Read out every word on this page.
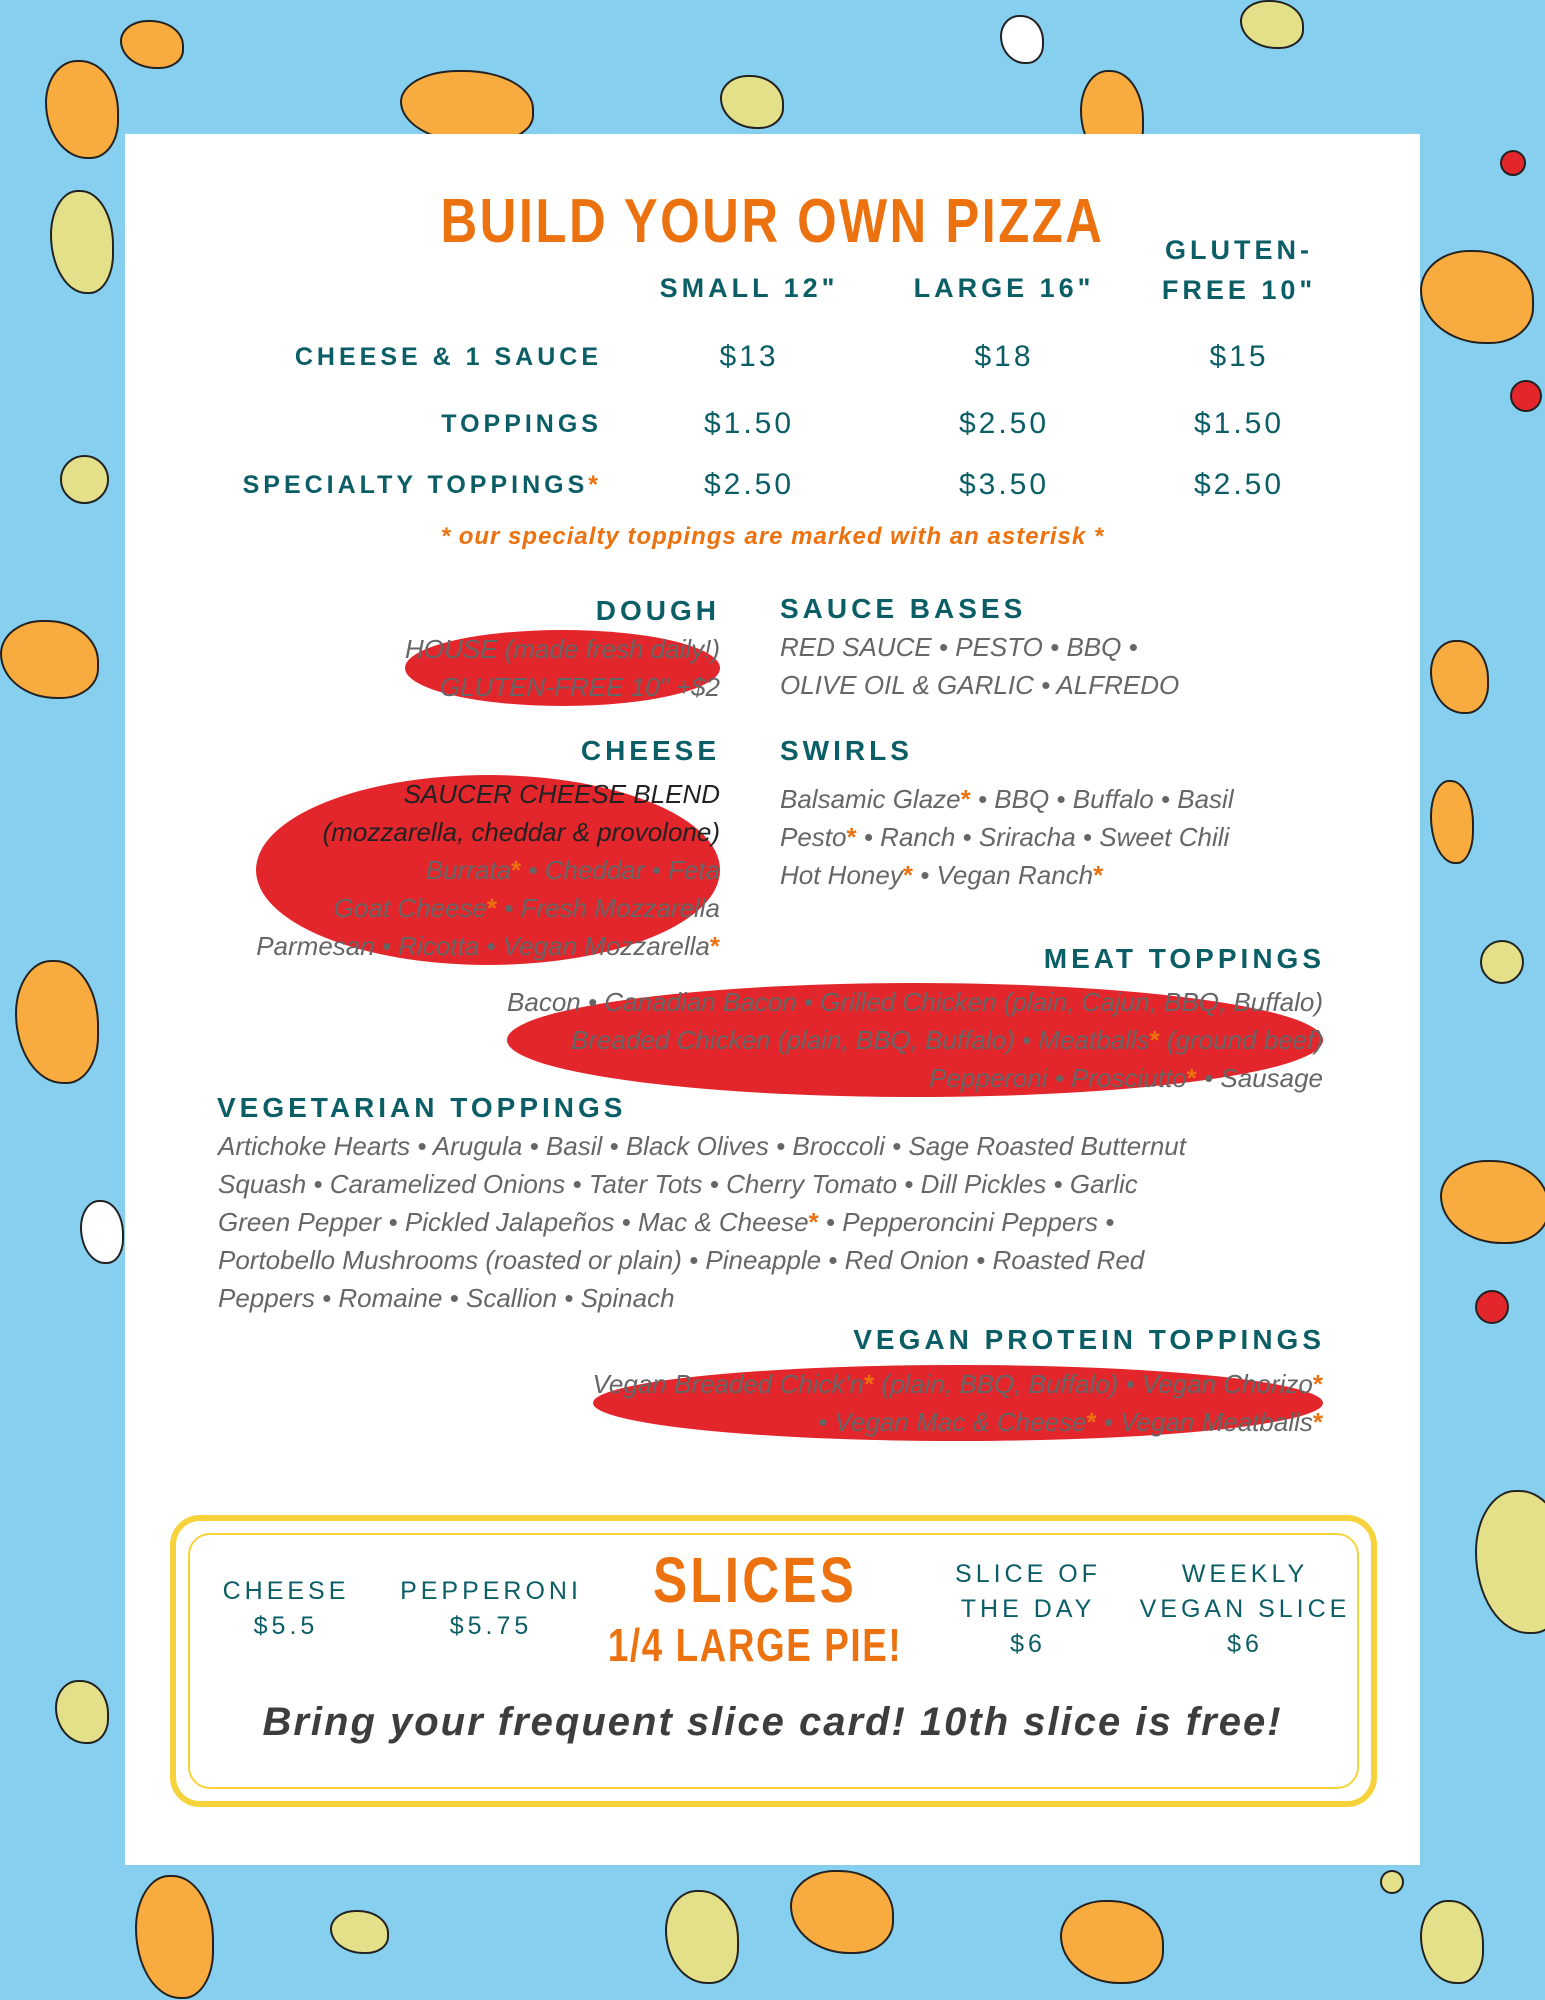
BUILD YOUR OWN PIZZA
SMALL 12"	LARGE 16"
GLUTEN-
FREE 10"
CHEESE & 1 SAUCE	$13	$18	$15
TOPPINGS	$1.50	$2.50	$1.50
SPECIALTY TOPPINGS*	$2.50	$3.50	$2.50
* our specialty toppings are marked with an asterisk *
DOUGH
HOUSE (made fresh daily!)
GLUTEN-FREE 10" +$2
SAUCE BASES
RED SAUCE • PESTO • BBQ •
OLIVE OIL & GARLIC • ALFREDO
CHEESE
SAUCER CHEESE BLEND
(mozzarella, cheddar & provolone)
Burrata* • Cheddar • Feta
Goat Cheese* • Fresh Mozzarella
Parmesan • Ricotta • Vegan Mozzarella*
SWIRLS
Balsamic Glaze* • BBQ • Buffalo • Basil
Pesto* • Ranch • Sriracha • Sweet Chili
Hot Honey* • Vegan Ranch*
MEAT TOPPINGS
Bacon • Canadian Bacon • Grilled Chicken (plain, Cajun, BBQ, Buffalo)
Breaded Chicken (plain, BBQ, Buffalo) • Meatballs* (ground beef)
Pepperoni • Prosciutto* • Sausage
VEGETARIAN TOPPINGS
Artichoke Hearts • Arugula • Basil • Black Olives • Broccoli • Sage Roasted Butternut
Squash • Caramelized Onions • Tater Tots • Cherry Tomato • Dill Pickles • Garlic
Green Pepper • Pickled Jalapeños • Mac & Cheese* • Pepperoncini Peppers •
Portobello Mushrooms (roasted or plain) • Pineapple • Red Onion • Roasted Red
Peppers • Romaine • Scallion • Spinach
VEGAN PROTEIN TOPPINGS
Vegan Breaded Chick'n* (plain, BBQ, Buffalo) • Vegan Chorizo*
• Vegan Mac & Cheese* • Vegan Meatballs*
CHEESE
$5.5
PEPPERONI
$5.75
SLICES
1/4 LARGE PIE!
SLICE OF
THE DAY
$6
WEEKLY
VEGAN SLICE
$6
Bring your frequent slice card! 10th slice is free!
